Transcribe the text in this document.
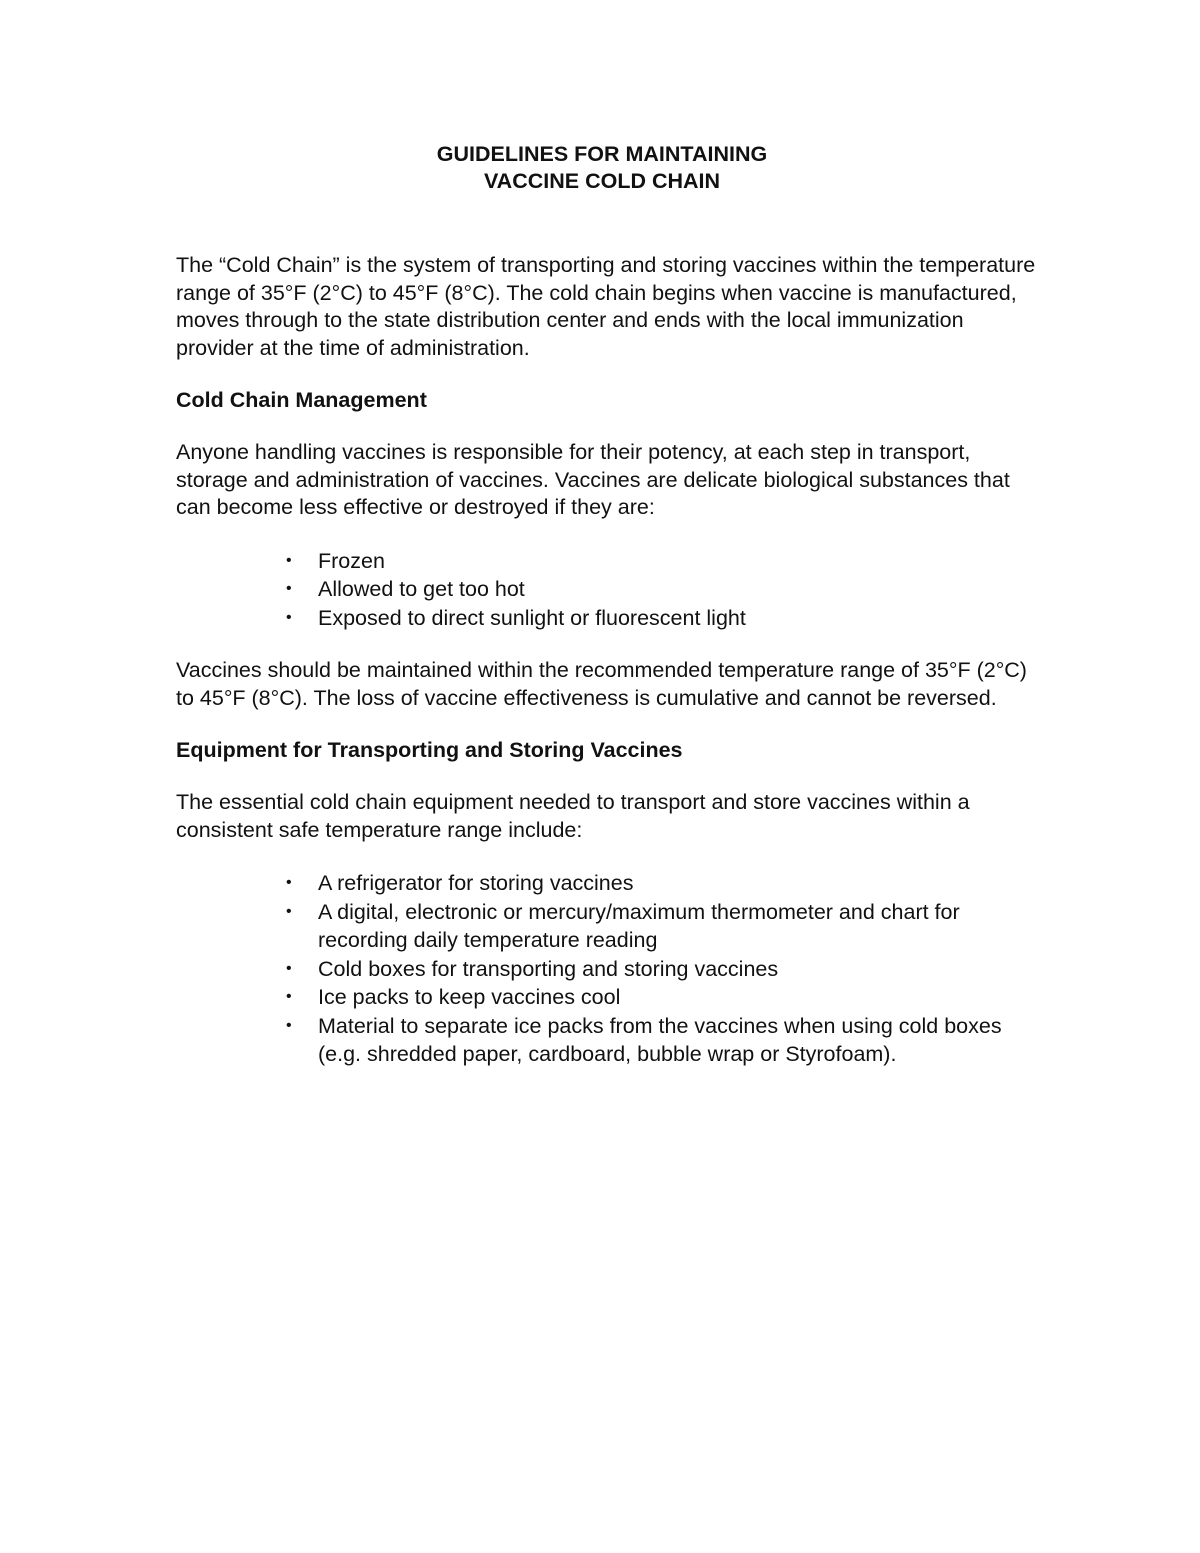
GUIDELINES FOR MAINTAINING
VACCINE COLD CHAIN

The “Cold Chain” is the system of transporting and storing vaccines within the temperature range of 35°F (2°C) to 45°F (8°C). The cold chain begins when vaccine is manufactured, moves through to the state distribution center and ends with the local immunization provider at the time of administration.

Cold Chain Management

Anyone handling vaccines is responsible for their potency, at each step in transport, storage and administration of vaccines. Vaccines are delicate biological substances that can become less effective or destroyed if they are:

• Frozen
• Allowed to get too hot
• Exposed to direct sunlight or fluorescent light

Vaccines should be maintained within the recommended temperature range of 35°F (2°C) to 45°F (8°C). The loss of vaccine effectiveness is cumulative and cannot be reversed.

Equipment for Transporting and Storing Vaccines

The essential cold chain equipment needed to transport and store vaccines within a consistent safe temperature range include:

• A refrigerator for storing vaccines
• A digital, electronic or mercury/maximum thermometer and chart for recording daily temperature reading
• Cold boxes for transporting and storing vaccines
• Ice packs to keep vaccines cool
• Material to separate ice packs from the vaccines when using cold boxes (e.g. shredded paper, cardboard, bubble wrap or Styrofoam).
